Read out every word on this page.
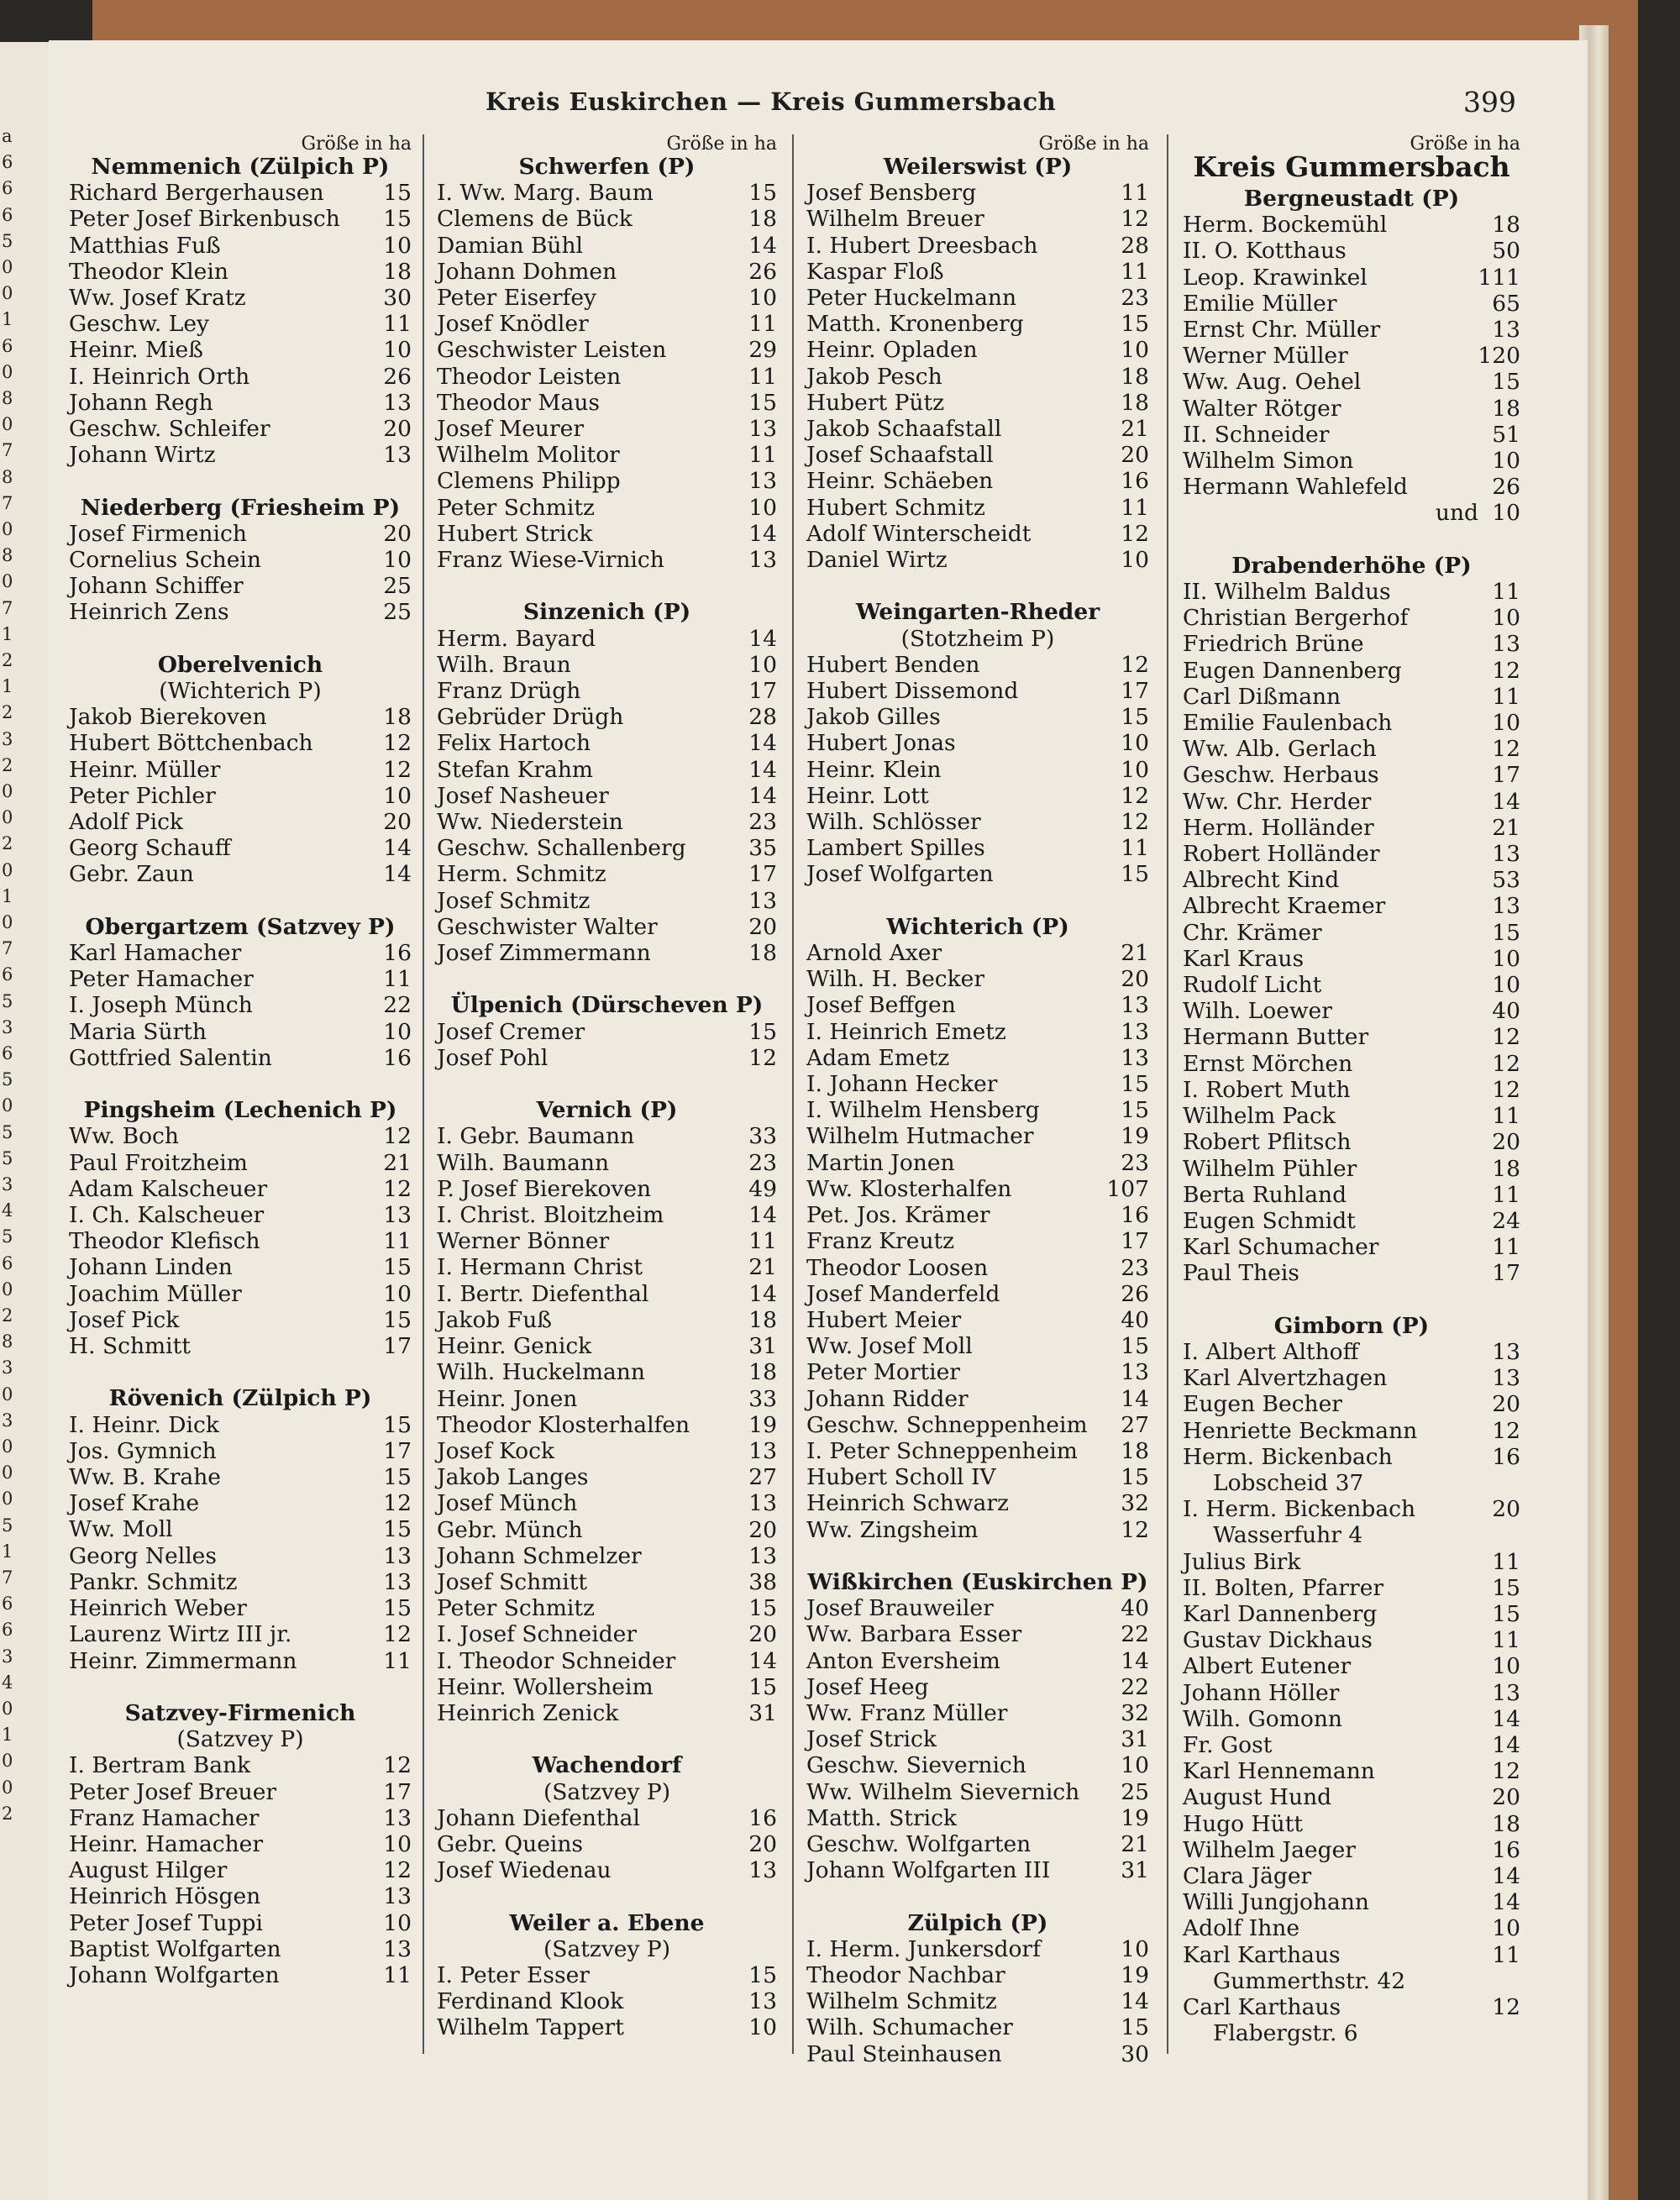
a
6
6
6
5
0
0
1
6
0
8
0
7
8
7
0
8
0
7
1
2
1
2
3
2
0
0
2
0
1
0
7
6
5
3
6
5
0
5
5
3
4
5
6
0
2
8
3
0
3
0
0
0
5
1
7
6
6
3
4
0
1
0
0
2
Kreis Euskirchen — Kreis Gummersbach	399
Größe in ha
Nemmenich (Zülpich P)
Richard Bergerhausen	15
Peter Josef Birkenbusch 15
Matthias Fuß	10
Theodor Klein	18
Ww. Josef Kratz	30
Geschw. Ley	11
Heinr. Mieß	10
I. Heinrich Orth	26
Johann Regh	13
Geschw. Schleifer	20
Johann Wirtz	13
Niederberg (Friesheim P)
Josef Firmenich	20
Cornelius Schein	10
Johann Schiffer	25
Heinrich Zens	25
Oberelvenich
(Wichterich P)
Jakob Bierekoven	18
Hubert Böttchenbach	12
Heinr. Müller	12
Peter Pichler	10
Adolf Pick	20
Georg Schauff	14
Gebr. Zaun	14
Obergartzem (Satzvey P)
Karl Hamacher	16
Peter Hamacher	11
I. Joseph Münch	22
Maria Sürth	10
Gottfried Salentin	16
Pingsheim (Lechenich P)
Ww. Boch	12
Paul Froitzheim	21
Adam Kalscheuer	12
I. Ch. Kalscheuer	13
Theodor Klefisch	11
Johann Linden	15
Joachim Müller	10
Josef Pick	15
H. Schmitt	17
Rövenich (Zülpich P)
I. Heinr. Dick	15
Jos. Gymnich	17
Ww. B. Krahe	15
Josef Krahe	12
Ww. Moll	15
Georg Nelles	13
Pankr. Schmitz	13
Heinrich Weber	15
Laurenz Wirtz III jr.	12
Heinr. Zimmermann	11
Satzvey-Firmenich
(Satzvey P)
I. Bertram Bank	12
Peter Josef Breuer	17
Franz Hamacher	13
Heinr. Hamacher	10
August Hilger	12
Heinrich Hösgen	13
Peter Josef Tuppi	10
Baptist Wolfgarten	13
Johann Wolfgarten	11
Größe in ha
Schwerfen (P)
I. Ww. Marg. Baum	15
Clemens de Bück	18
Damian Bühl	14
Johann Dohmen	26
Peter Eiserfey	10
Josef Knödler	11
Geschwister Leisten	29
Theodor Leisten	11
Theodor Maus	15
Josef Meurer	13
Wilhelm Molitor	11
Clemens Philipp	13
Peter Schmitz	10
Hubert Strick	14
Franz Wiese-Virnich	13
Sinzenich (P)
Herm. Bayard	14
Wilh. Braun	10
Franz Drügh	17
Gebrüder Drügh	28
Felix Hartoch	14
Stefan Krahm	14
Josef Nasheuer	14
Ww. Niederstein	23
Geschw. Schallenberg	35
Herm. Schmitz	17
Josef Schmitz	13
Geschwister Walter	20
Josef Zimmermann	18
Ülpenich (Dürscheven P)
Josef Cremer	15
Josef Pohl	12
Vernich (P)
I. Gebr. Baumann	33
Wilh. Baumann	23
P. Josef Bierekoven	49
I. Christ. Bloitzheim	14
Werner Bönner	11
I. Hermann Christ	21
I. Bertr. Diefenthal	14
Jakob Fuß	18
Heinr. Genick	31
Wilh. Huckelmann	18
Heinr. Jonen	33
Theodor Klosterhalfen	19
Josef Kock	13
Jakob Langes	27
Josef Münch	13
Gebr. Münch	20
Johann Schmelzer	13
Josef Schmitt	38
Peter Schmitz	15
I. Josef Schneider	20
I. Theodor Schneider	14
Heinr. Wollersheim	15
Heinrich Zenick	31
Wachendorf
(Satzvey P)
Johann Diefenthal	16
Gebr. Queins	20
Josef Wiedenau	13
Weiler a. Ebene
(Satzvey P)
I. Peter Esser	15
Ferdinand Klook	13
Wilhelm Tappert	10
Größe in ha
Weilerswist (P)
Josef Bensberg	11
Wilhelm Breuer	12
I. Hubert Dreesbach	28
Kaspar Floß	11
Peter Huckelmann	23
Matth. Kronenberg	15
Heinr. Opladen	10
Jakob Pesch	18
Hubert Pütz	18
Jakob Schaafstall	21
Josef Schaafstall	20
Heinr. Schäeben	16
Hubert Schmitz	11
Adolf Winterscheidt	12
Daniel Wirtz	10
Weingarten-Rheder
(Stotzheim P)
Hubert Benden	12
Hubert Dissemond	17
Jakob Gilles	15
Hubert Jonas	10
Heinr. Klein	10
Heinr. Lott	12
Wilh. Schlösser	12
Lambert Spilles	11
Josef Wolfgarten	15
Wichterich (P)
Arnold Axer	21
Wilh. H. Becker	20
Josef Beffgen	13
I. Heinrich Emetz	13
Adam Emetz	13
I. Johann Hecker	15
I. Wilhelm Hensberg	15
Wilhelm Hutmacher	19
Martin Jonen	23
Ww. Klosterhalfen	107
Pet. Jos. Krämer	16
Franz Kreutz	17
Theodor Loosen	23
Josef Manderfeld	26
Hubert Meier	40
Ww. Josef Moll	15
Peter Mortier	13
Johann Ridder	14
Geschw. Schneppenheim 27
I. Peter Schneppenheim 18
Hubert Scholl IV	15
Heinrich Schwarz	32
Ww. Zingsheim	12
Wißkirchen (Euskirchen P)
Josef Brauweiler	40
Ww. Barbara Esser	22
Anton Eversheim	14
Josef Heeg	22
Ww. Franz Müller	32
Josef Strick	31
Geschw. Sievernich	10
Ww. Wilhelm Sievernich 25
Matth. Strick	19
Geschw. Wolfgarten	21
Johann Wolfgarten III	31
Zülpich (P)
I. Herm. Junkersdorf	10
Theodor Nachbar	19
Wilhelm Schmitz	14
Wilh. Schumacher	15
Paul Steinhausen	30
Größe in ha
Kreis Gummersbach
Bergneustadt (P)
Herm. Bockemühl	18
II. O. Kotthaus	50
Leop. Krawinkel	111
Emilie Müller	65
Ernst Chr. Müller	13
Werner Müller	120
Ww. Aug. Oehel	15
Walter Rötger	18
II. Schneider	51
Wilhelm Simon	10
Hermann Wahlefeld	26
und 10
Drabenderhöhe (P)
II. Wilhelm Baldus	11
Christian Bergerhof	10
Friedrich Brüne	13
Eugen Dannenberg	12
Carl Dißmann	11
Emilie Faulenbach	10
Ww. Alb. Gerlach	12
Geschw. Herbaus	17
Ww. Chr. Herder	14
Herm. Holländer	21
Robert Holländer	13
Albrecht Kind	53
Albrecht Kraemer	13
Chr. Krämer	15
Karl Kraus	10
Rudolf Licht	10
Wilh. Loewer	40
Hermann Butter	12
Ernst Mörchen	12
I. Robert Muth	12
Wilhelm Pack	11
Robert Pflitsch	20
Wilhelm Pühler	18
Berta Ruhland	11
Eugen Schmidt	24
Karl Schumacher	11
Paul Theis	17
Gimborn (P)
I. Albert Althoff	13
Karl Alvertzhagen	13
Eugen Becher	20
Henriette Beckmann	12
Herm. Bickenbach	16
Lobscheid 37
I. Herm. Bickenbach	20
Wasserfuhr 4
Julius Birk	11
II. Bolten, Pfarrer	15
Karl Dannenberg	15
Gustav Dickhaus	11
Albert Eutener	10
Johann Höller	13
Wilh. Gomonn	14
Fr. Gost	14
Karl Hennemann	12
August Hund	20
Hugo Hütt	18
Wilhelm Jaeger	16
Clara Jäger	14
Willi Jungjohann	14
Adolf Ihne	10
Karl Karthaus	11
Gummerthstr. 42
Carl Karthaus	12
Flabergstr. 6
